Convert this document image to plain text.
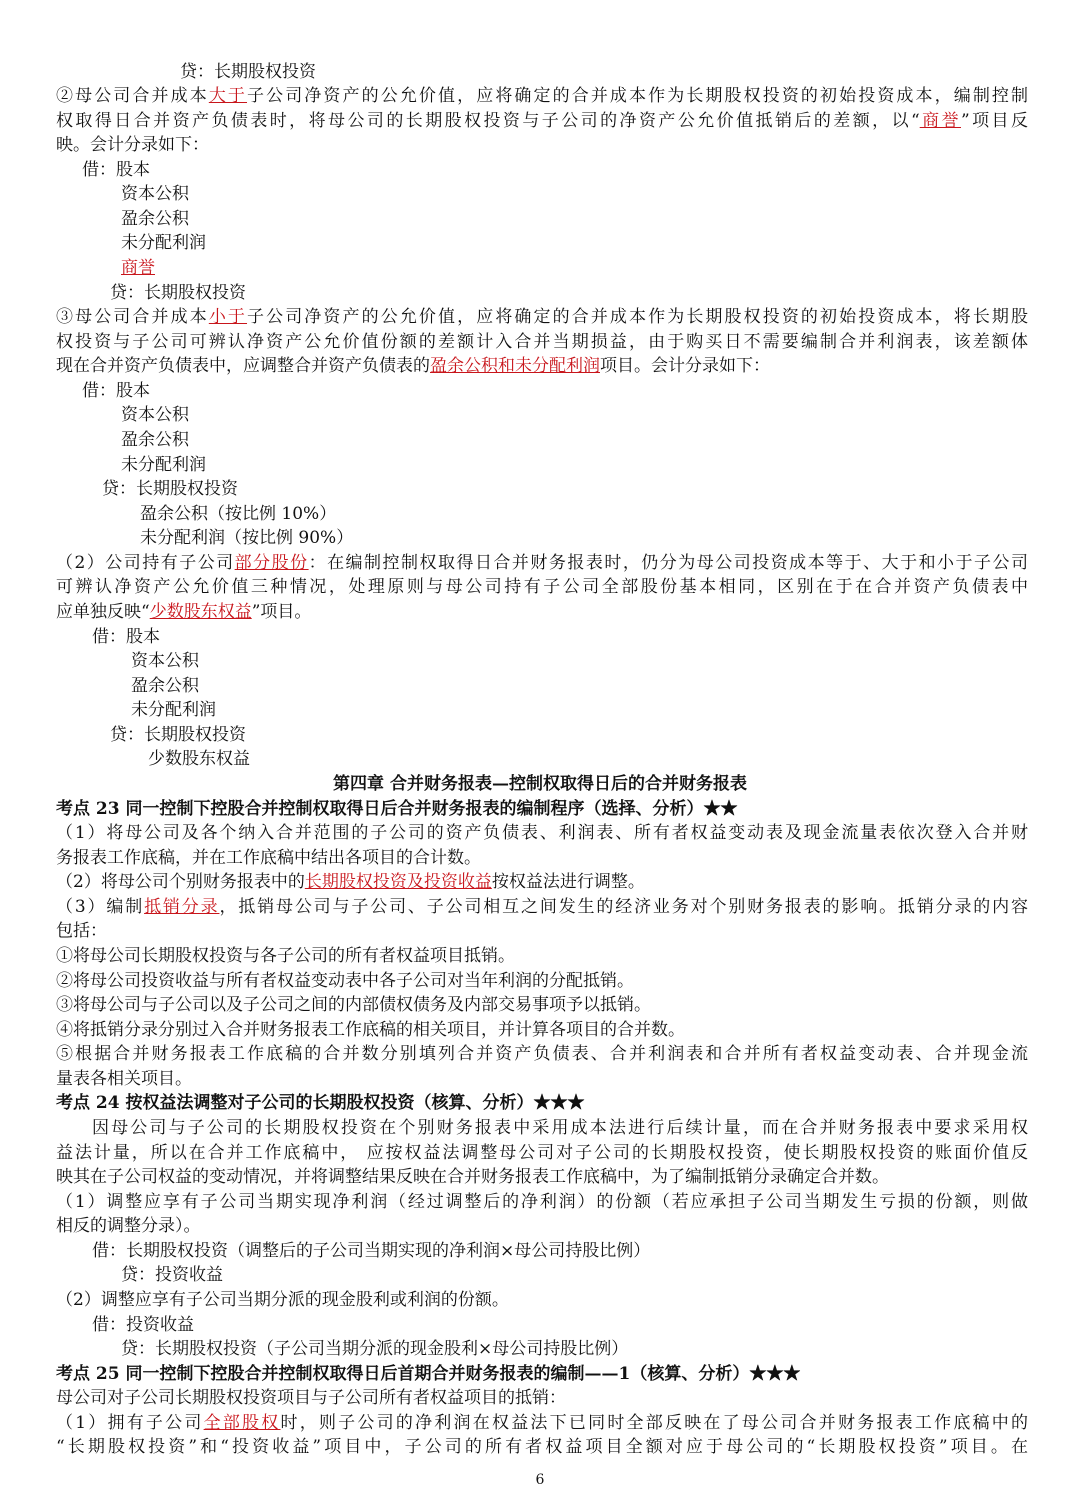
贷：长期股权投资
②母公司合并成本大于子公司净资产的公允价值，应将确定的合并成本作为长期股权投资的初始投资成本，编制控制
权取得日合并资产负债表时，将母公司的长期股权投资与子公司的净资产公允价值抵销后的差额，以“商誉”项目反
映。会计分录如下：
借：股本
资本公积
盈余公积
未分配利润
商誉
贷：长期股权投资
③母公司合并成本小于子公司净资产的公允价值，应将确定的合并成本作为长期股权投资的初始投资成本，将长期股
权投资与子公司可辨认净资产公允价值份额的差额计入合并当期损益，由于购买日不需要编制合并利润表，该差额体
现在合并资产负债表中，应调整合并资产负债表的盈余公积和未分配利润项目。会计分录如下：
借：股本
资本公积
盈余公积
未分配利润
贷：长期股权投资
盈余公积（按比例 10%）
未分配利润（按比例 90%）
（2）公司持有子公司部分股份：在编制控制权取得日合并财务报表时，仍分为母公司投资成本等于、大于和小于子公司
可辨认净资产公允价值三种情况，处理原则与母公司持有子公司全部股份基本相同，区别在于在合并资产负债表中
应单独反映“少数股东权益”项目。
借：股本
资本公积
盈余公积
未分配利润
贷：长期股权投资
少数股东权益
考点 23 同一控制下控股合并控制权取得日后合并财务报表的编制程序（选择、分析）★★
（1）将母公司及各个纳入合并范围的子公司的资产负债表、利润表、所有者权益变动表及现金流量表依次登入合并财
务报表工作底稿，并在工作底稿中结出各项目的合计数。
（2）将母公司个别财务报表中的长期股权投资及投资收益按权益法进行调整。
（3）编制抵销分录，抵销母公司与子公司、子公司相互之间发生的经济业务对个别财务报表的影响。抵销分录的内容
包括：
①将母公司长期股权投资与各子公司的所有者权益项目抵销。
②将母公司投资收益与所有者权益变动表中各子公司对当年利润的分配抵销。
③将母公司与子公司以及子公司之间的内部债权债务及内部交易事项予以抵销。
④将抵销分录分别过入合并财务报表工作底稿的相关项目，并计算各项目的合并数。
⑤根据合并财务报表工作底稿的合并数分别填列合并资产负债表、合并利润表和合并所有者权益变动表、合并现金流
量表各相关项目。
考点 24 按权益法调整对子公司的长期股权投资（核算、分析）★★★
因母公司与子公司的长期股权投资在个别财务报表中采用成本法进行后续计量，而在合并财务报表中要求采用权
益法计量，所以在合并工作底稿中， 应按权益法调整母公司对子公司的长期股权投资，使长期股权投资的账面价值反
映其在子公司权益的变动情况，并将调整结果反映在合并财务报表工作底稿中，为了编制抵销分录确定合并数。
（1）调整应享有子公司当期实现净利润（经过调整后的净利润）的份额（若应承担子公司当期发生亏损的份额，则做
相反的调整分录）。
借：长期股权投资（调整后的子公司当期实现的净利润×母公司持股比例）
贷：投资收益
（2）调整应享有子公司当期分派的现金股利或利润的份额。
借：投资收益
贷：长期股权投资（子公司当期分派的现金股利×母公司持股比例）
考点 25 同一控制下控股合并控制权取得日后首期合并财务报表的编制——1（核算、分析）★★★
母公司对子公司长期股权投资项目与子公司所有者权益项目的抵销：
（1）拥有子公司全部股权时，则子公司的净利润在权益法下已同时全部反映在了母公司合并财务报表工作底稿中的
“长期股权投资”和“投资收益”项目中，子公司的所有者权益项目全额对应于母公司的“长期股权投资”项目。在
第四章 合并财务报表—控制权取得日后的合并财务报表
6
